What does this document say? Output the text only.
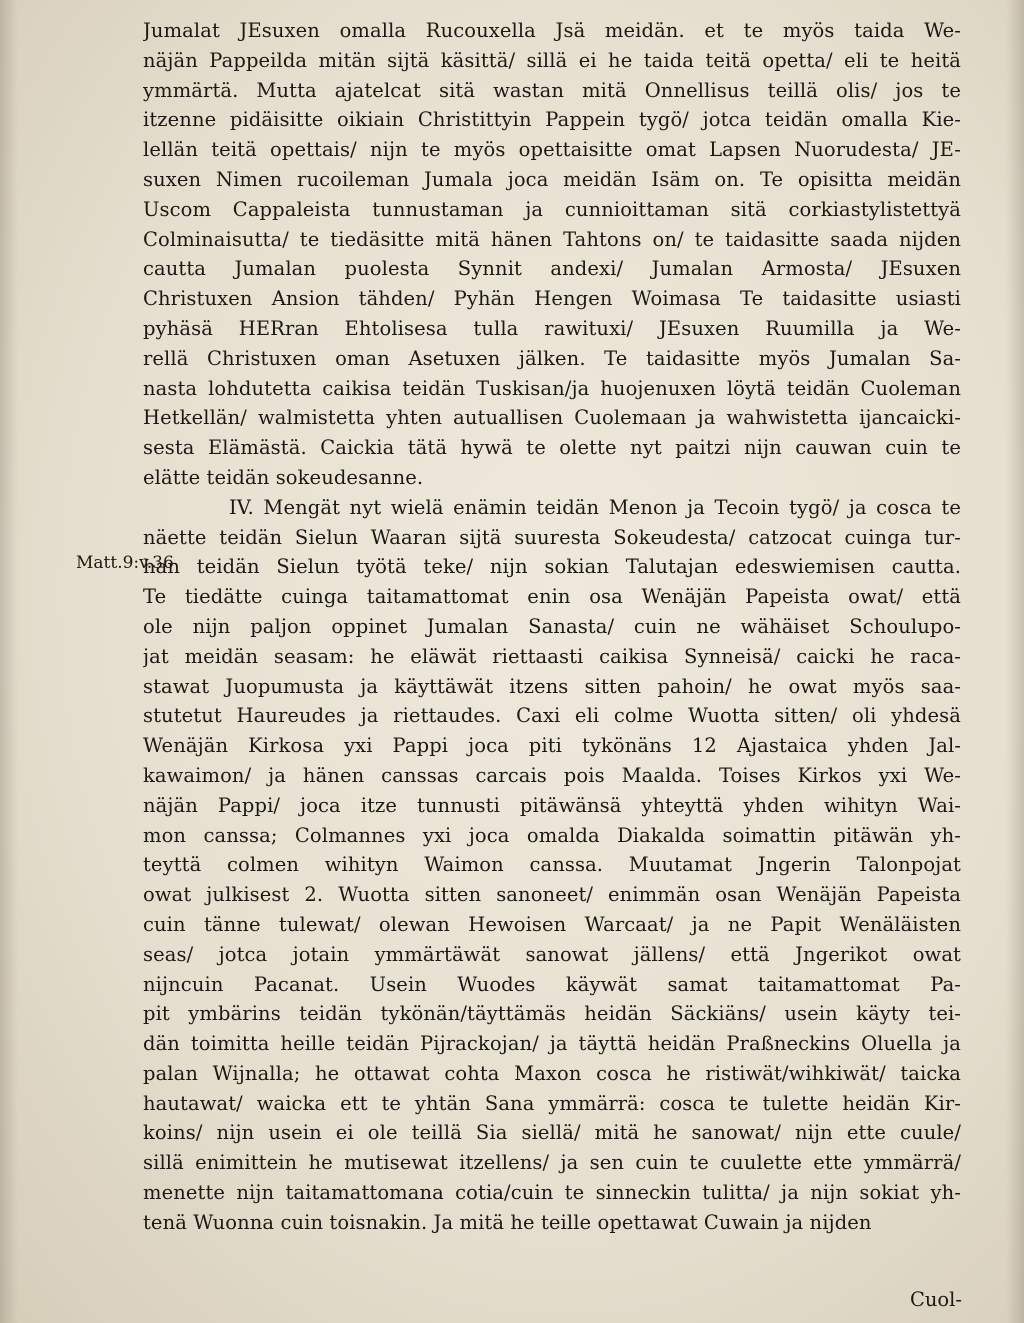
Matt.9:v.36
Jumalat JEsuxen omalla Rucouxella Jsä meidän. et te myös taida We-
näjän Pappeilda mitän sijtä käsittä/ sillä ei he taida teitä opetta/ eli te heitä
ymmärtä. Mutta ajatelcat sitä wastan mitä Onnellisus teillä olis/ jos te
itzenne pidäisitte oikiain Christittyin Pappein tygö/ jotca teidän omalla Kie-
lellän teitä opettais/ nijn te myös opettaisitte omat Lapsen Nuorudesta/ JE-
suxen Nimen rucoileman Jumala joca meidän Isäm on. Te opisitta meidän
Uscom Cappaleista tunnustaman ja cunnioittaman sitä corkiastylistettyä
Colminaisutta/ te tiedäsitte mitä hänen Tahtons on/ te taidasitte saada nijden
cautta Jumalan puolesta Synnit andexi/ Jumalan Armosta/ JEsuxen
Christuxen Ansion tähden/ Pyhän Hengen Woimasa Te taidasitte usiasti
pyhäsä HERran Ehtolisesa tulla rawituxi/ JEsuxen Ruumilla ja We-
rellä Christuxen oman Asetuxen jälken. Te taidasitte myös Jumalan Sa-
nasta lohdutetta caikisa teidän Tuskisan/ja huojenuxen löytä teidän Cuoleman
Hetkellän/ walmistetta yhten autuallisen Cuolemaan ja wahwistetta ijancaicki-
sesta Elämästä. Caickia tätä hywä te olette nyt paitzi nijn cauwan cuin te
elätte teidän sokeudesanne.
IV. Mengät nyt wielä enämin teidän Menon ja Tecoin tygö/ ja cosca te
näette teidän Sielun Waaran sijtä suuresta Sokeudesta/ catzocat cuinga tur-
han teidän Sielun työtä teke/ nijn sokian Talutajan edeswiemisen cautta.
Te tiedätte cuinga taitamattomat enin osa Wenäjän Papeista owat/ että
ole nijn paljon oppinet Jumalan Sanasta/ cuin ne wähäiset Schoulupo-
jat meidän seasam: he eläwät riettaasti caikisa Synneisä/ caicki he raca-
stawat Juopumusta ja käyttäwät itzens sitten pahoin/ he owat myös saa-
stutetut Haureudes ja riettaudes. Caxi eli colme Wuotta sitten/ oli yhdesä
Wenäjän Kirkosa yxi Pappi joca piti tykönäns 12 Ajastaica yhden Jal-
kawaimon/ ja hänen canssas carcais pois Maalda. Toises Kirkos yxi We-
näjän Pappi/ joca itze tunnusti pitäwänsä yhteyttä yhden wihityn Wai-
mon canssa; Colmannes yxi joca omalda Diakalda soimattin pitäwän yh-
teyttä colmen wihityn Waimon canssa. Muutamat Jngerin Talonpojat
owat julkisest 2. Wuotta sitten sanoneet/ enimmän osan Wenäjän Papeista
cuin tänne tulewat/ olewan Hewoisen Warcaat/ ja ne Papit Wenäläisten
seas/ jotca jotain ymmärtäwät sanowat jällens/ että Jngerikot owat
nijncuin Pacanat. Usein Wuodes käywät samat taitamattomat Pa-
pit ymbärins teidän tykönän/täyttämäs heidän Säckiäns/ usein käyty tei-
dän toimitta heille teidän Pijrackojan/ ja täyttä heidän Praßneckins Oluella ja
palan Wijnalla; he ottawat cohta Maxon cosca he ristiwät/wihkiwät/ taicka
hautawat/ waicka ett te yhtän Sana ymmärrä: cosca te tulette heidän Kir-
koins/ nijn usein ei ole teillä Sia siellä/ mitä he sanowat/ nijn ette cuule/
sillä enimittein he mutisewat itzellens/ ja sen cuin te cuulette ette ymmärrä/
menette nijn taitamattomana cotia/cuin te sinneckin tulitta/ ja nijn sokiat yh-
tenä Wuonna cuin toisnakin. Ja mitä he teille opettawat Cuwain ja nijden
Cuol-
